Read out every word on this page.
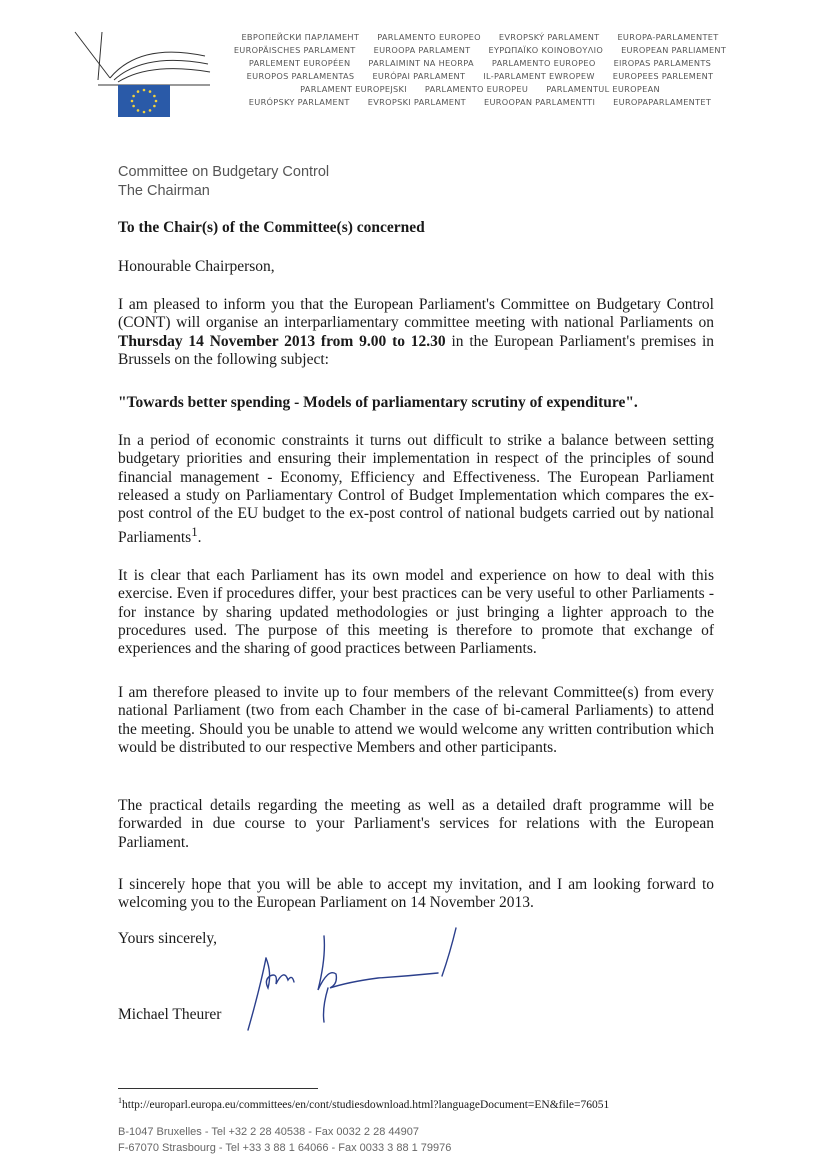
ЕВРОПЕЙСКИ ПАРЛАМЕНТ PARLAMENTO EUROPEO EVROPSKÝ PARLAMENT EUROPA-PARLAMENTET
EUROPÄISCHES PARLAMENT EUROOPA PARLAMENT ΕΥΡΩΠΑΪΚΟ ΚΟΙΝΟΒΟΥΛΙΟ EUROPEAN PARLIAMENT
PARLEMENT EUROPÉEN PARLAIMINT NA HEORPA PARLAMENTO EUROPEO EIROPAS PARLAMENTS
EUROPOS PARLAMENTAS EURÓPAI PARLAMENT IL-PARLAMENT EWROPEW EUROPEES PARLEMENT
PARLAMENT EUROPEJSKI PARLAMENTO EUROPEU PARLAMENTUL EUROPEAN
EURÓPSKY PARLAMENT EVROPSKI PARLAMENT EUROOPAN PARLAMENTTI EUROPAPARLAMENTET
Committee on Budgetary Control
The Chairman
To the Chair(s) of the Committee(s) concerned
Honourable Chairperson,
I am pleased to inform you that the European Parliament's Committee on Budgetary Control (CONT) will organise an interparliamentary committee meeting with national Parliaments on Thursday 14 November 2013 from 9.00 to 12.30 in the European Parliament's premises in Brussels on the following subject:
"Towards better spending - Models of parliamentary scrutiny of expenditure".
In a period of economic constraints it turns out difficult to strike a balance between setting budgetary priorities and ensuring their implementation in respect of the principles of sound financial management - Economy, Efficiency and Effectiveness. The European Parliament released a study on Parliamentary Control of Budget Implementation which compares the ex-post control of the EU budget to the ex-post control of national budgets carried out by national Parliaments$^1$.
It is clear that each Parliament has its own model and experience on how to deal with this exercise. Even if procedures differ, your best practices can be very useful to other Parliaments - for instance by sharing updated methodologies or just bringing a lighter approach to the procedures used. The purpose of this meeting is therefore to promote that exchange of experiences and the sharing of good practices between Parliaments.
I am therefore pleased to invite up to four members of the relevant Committee(s) from every national Parliament (two from each Chamber in the case of bi-cameral Parliaments) to attend the meeting. Should you be unable to attend we would welcome any written contribution which would be distributed to our respective Members and other participants.
The practical details regarding the meeting as well as a detailed draft programme will be forwarded in due course to your Parliament's services for relations with the European Parliament.
I sincerely hope that you will be able to accept my invitation, and I am looking forward to welcoming you to the European Parliament on 14 November 2013.
Yours sincerely,
Michael Theurer
$^1$http://europarl.europa.eu/committees/en/cont/studiesdownload.html?languageDocument=EN&file=76051
B-1047 Bruxelles - Tel +32 2 28 40538 - Fax 0032 2 28 44907
F-67070 Strasbourg - Tel +33 3 88 1 64066 - Fax 0033 3 88 1 79976
